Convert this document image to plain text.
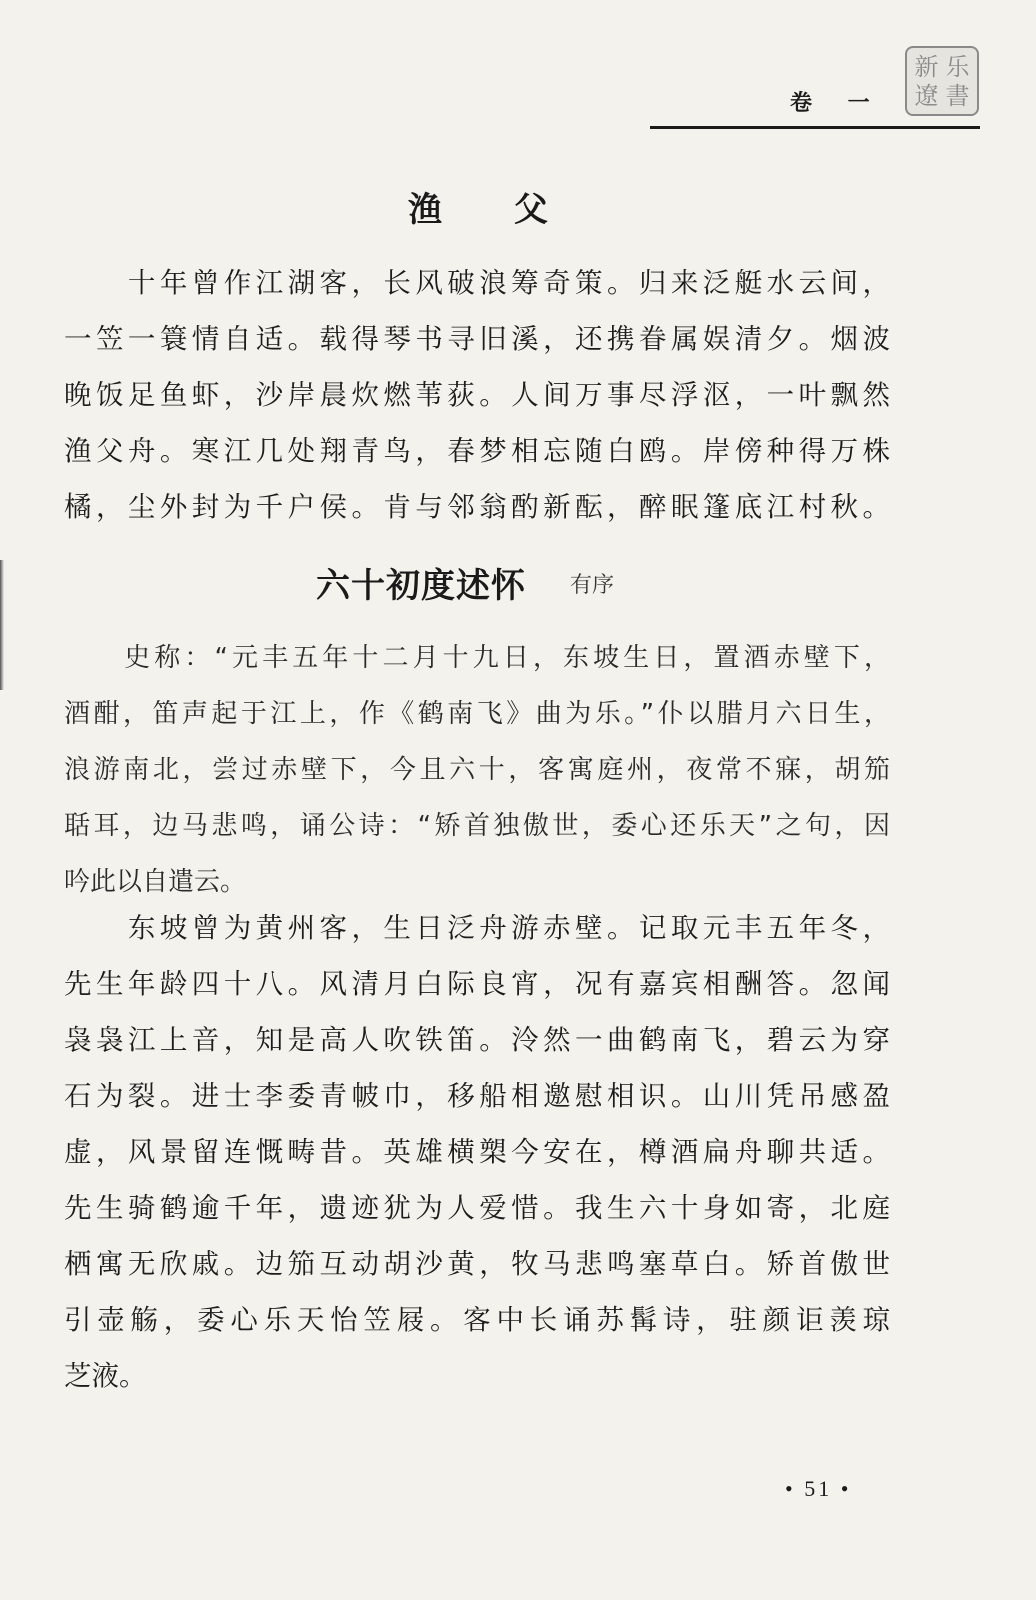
卷 一
新 乐
遼 書
渔 父
　　十年曾作江湖客，长风破浪筹奇策。归来泛艇水云间，
一笠一簑情自适。载得琴书寻旧溪，还携眷属娱清夕。烟波
晚饭足鱼虾，沙岸晨炊燃苇荻。人间万事尽浮沤，一叶飘然
渔父舟。寒江几处翔青鸟，春梦相忘随白鸥。岸傍种得万株
橘，尘外封为千户侯。肯与邻翁酌新酝，醉眠篷底江村秋。
六十初度述怀 有序
　　史称：“元丰五年十二月十九日，东坡生日，置酒赤壁下，
酒酣，笛声起于江上，作《鹤南飞》曲为乐。”仆以腊月六日生，
浪游南北，尝过赤壁下，今且六十，客寓庭州，夜常不寐，胡笳
聒耳，边马悲鸣，诵公诗：“矫首独傲世，委心还乐天”之句，因
吟此以自遣云。
　　东坡曾为黄州客，生日泛舟游赤壁。记取元丰五年冬，
先生年龄四十八。风清月白际良宵，况有嘉宾相酬答。忽闻
袅袅江上音，知是高人吹铁笛。泠然一曲鹤南飞，碧云为穿
石为裂。进士李委青帔巾，移船相邀慰相识。山川凭吊感盈
虚，风景留连慨畴昔。英雄横槊今安在，樽酒扁舟聊共适。
先生骑鹤逾千年，遗迹犹为人爱惜。我生六十身如寄，北庭
栖寓无欣戚。边笳互动胡沙黄，牧马悲鸣塞草白。矫首傲世
引壶觞，委心乐天怡笠屐。客中长诵苏髯诗，驻颜讵羡琼
芝液。
• 51 •
